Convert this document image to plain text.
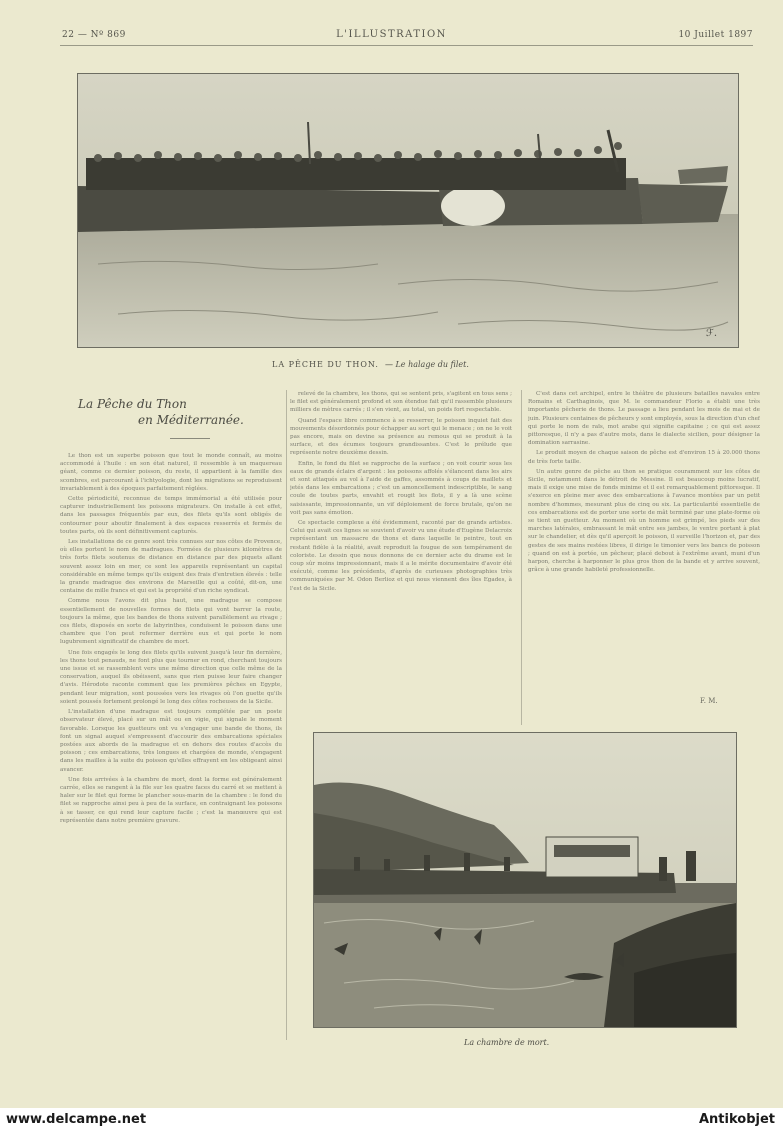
22 — Nº 869	L'ILLUSTRATION	10 Juillet 1897
ℱ.
LA PÊCHE DU THON. — Le halage du filet.
La Pêche du Thon
en Méditerranée.

Le thon est un superbe poisson que tout le monde connaît, au moins accommodé à l'huile : en son état naturel, il ressemble à un maquereau géant, comme ce dernier poisson, du reste, il appartient à la famille des scombres, est parcourant à l'ichtyologie, dont les migrations se reproduisent invariablement à des époques parfaitement réglées.

Cette périodicité, reconnue de temps immémorial a été utilisée pour capturer industriellement les poissons migrateurs. On installe à cet effet, dans les passages fréquentés par eux, des filets qu'ils sont obligés de contourner pour aboutir finalement à des espaces resserrés et fermés de toutes parts, où ils sont définitivement capturés.

Les installations de ce genre sont très connues sur nos côtes de Provence, où elles portent le nom de madragues. Formées de plusieurs kilomètres de très forts filets soutenus de distance en distance par des piquets allant souvent assez loin en mer, ce sont les appareils représentant un capital considérable en même temps qu'ils exigent des frais d'entretien élevés : telle la grande madrague des environs de Marseille qui a coûté, dit-on, une centaine de mille francs et qui est la propriété d'un riche syndicat.

Comme nous l'avons dit plus haut, une madrague se compose essentiellement de nouvelles formes de filets qui vont barrer la route, toujours la même, que les bandes de thons suivent parallèlement au rivage ; ces filets, disposés en sorte de labyrinthes, conduisent le poisson dans une chambre que l'on peut refermer derrière eux et qui porte le nom lugubrement significatif de chambre de mort.

Une fois engagés le long des filets qu'ils suivent jusqu'à leur fin dernière, les thons tout penauds, ne font plus que tourner en rond, cherchant toujours une issue et se rassemblent vers une même direction que celle même de la conservation, auquel ils obéissent, sans que rien puisse leur faire changer d'avis. Hérodote raconte comment que les premières pêches en Egypte, pendant leur migration, sont poussées vers les rivages où l'on guette qu'ils soient poussés fortement prolongé le long des côtes rocheuses de la Sicile.

L'installation d'une madrague est toujours complétée par un poste observateur élevé, placé sur un mât ou en vigie, qui signale le moment favorable. Lorsque les guetteurs ont vu s'engager une bande de thons, ils font un signal auquel s'empressent d'accourir des embarcations spéciales postées aux abords de la madrague et en dehors des routes d'accès du poisson ; ces embarcations, très longues et chargées de monde, s'engagent dans les mailles à la suite du poisson qu'elles effrayent en les obligeant ainsi avancer.

Une fois arrivées à la chambre de mort, dont la forme est généralement carrée, elles se rangent à la file sur les quatre faces du carré et se mettent à haler sur le filet qui forme le plancher sous-marin de la chambre : le fond du filet se rapproche ainsi peu à peu de la surface, en contraignant les poissons à se tasser, ce qui rend leur capture facile ; c'est la manœuvre qui est représentée dans notre première gravure.

relevé de la chambre, les thons, qui se sentent pris, s'agitent en tous sens ; le filet est généralement profond et son étendue fait qu'il rassemble plusieurs milliers de mètres carrés ; il s'en vient, au total, un poids fort respectable.

Quand l'espace libre commence à se resserrer, le poisson inquiet fait des mouvements désordonnés pour échapper au sort qui le menace ; on ne le voit pas encore, mais on devine sa présence au remous qui se produit à la surface, et des écumes toujours grandissantes. C'est le prélude que représente notre deuxième dessin.

Enfin, le fond du filet se rapproche de la surface ; on voit courir sous les eaux de grands éclairs d'argent : les poissons affolés s'élancent dans les airs et sont attaqués au vol à l'aide de gaffes, assommés à coups de maillets et jetés dans les embarcations ; c'est un amoncellement indescriptible, le sang coule de toutes parts, envahit et rougit les flots, il y a là une scène saisissante, impressionnante, un vif déploiement de force brutale, qu'on ne voit pas sans émotion.

Ce spectacle complexe a été évidemment, raconté par de grands artistes. Celui qui avait ces lignes se souvient d'avoir vu une étude d'Eugène Delacroix représentant un massacre de thons et dans laquelle le peintre, tout en restant fidèle à la réalité, avait reproduit la fougue de son tempérament de coloriste. Le dessin que nous donnons de ce dernier acte du drame est le coup sûr moins impressionnant, mais il a le mérite documentaire d'avoir été exécuté, comme les précédents, d'après de curieuses photographies très communiquées par M. Odon Berlioz et qui nous viennent des îles Egades, à l'est de la Sicile.

C'est dans cet archipel, entre le théâtre de plusieurs batailles navales entre Romains et Carthaginois, que M. le commandeur Florio a établi une très importante pêcherie de thons. Le passage a lieu pendant les mois de mai et de juin. Plusieurs centaines de pêcheurs y sont employés, sous la direction d'un chef qui porte le nom de raïs, mot arabe qui signifie capitaine ; ce qui est assez pittoresque, il n'y a pas d'autre mots, dans le dialecte sicilien, pour désigner la domination sarrasine.

Le produit moyen de chaque saison de pêche est d'environ 15 à 20.000 thons de très forte taille.

Un autre genre de pêche au thon se pratique couramment sur les côtes de Sicile, notamment dans le détroit de Messine. Il est beaucoup moins lucratif, mais il exige une mise de fonds minime et il est remarquablement pittoresque. Il s'exerce en pleine mer avec des embarcations à l'avance montées par un petit nombre d'hommes, mesurant plus de cinq ou six. La particularité essentielle de ces embarcations est de porter une sorte de mât terminé par une plate-forme où se tient un guetteur. Au moment où un homme est grimpé, les pieds sur des marches latérales, embrassant le mât entre ses jambes, le ventre portant à plat sur le chandelier, et dès qu'il aperçoit le poisson, il surveille l'horizon et, par des gestes de ses mains restées libres, il dirige le timonier vers les bancs de poisson ; quand on est à portée, un pêcheur, placé debout à l'extrême avant, muni d'un harpon, cherche à harponner le plus gros thon de la bande et y arrive souvent, grâce à une grande habileté professionnelle.

F. M.
La chambre de mort.
www.delcampe.net	Antikobjet
